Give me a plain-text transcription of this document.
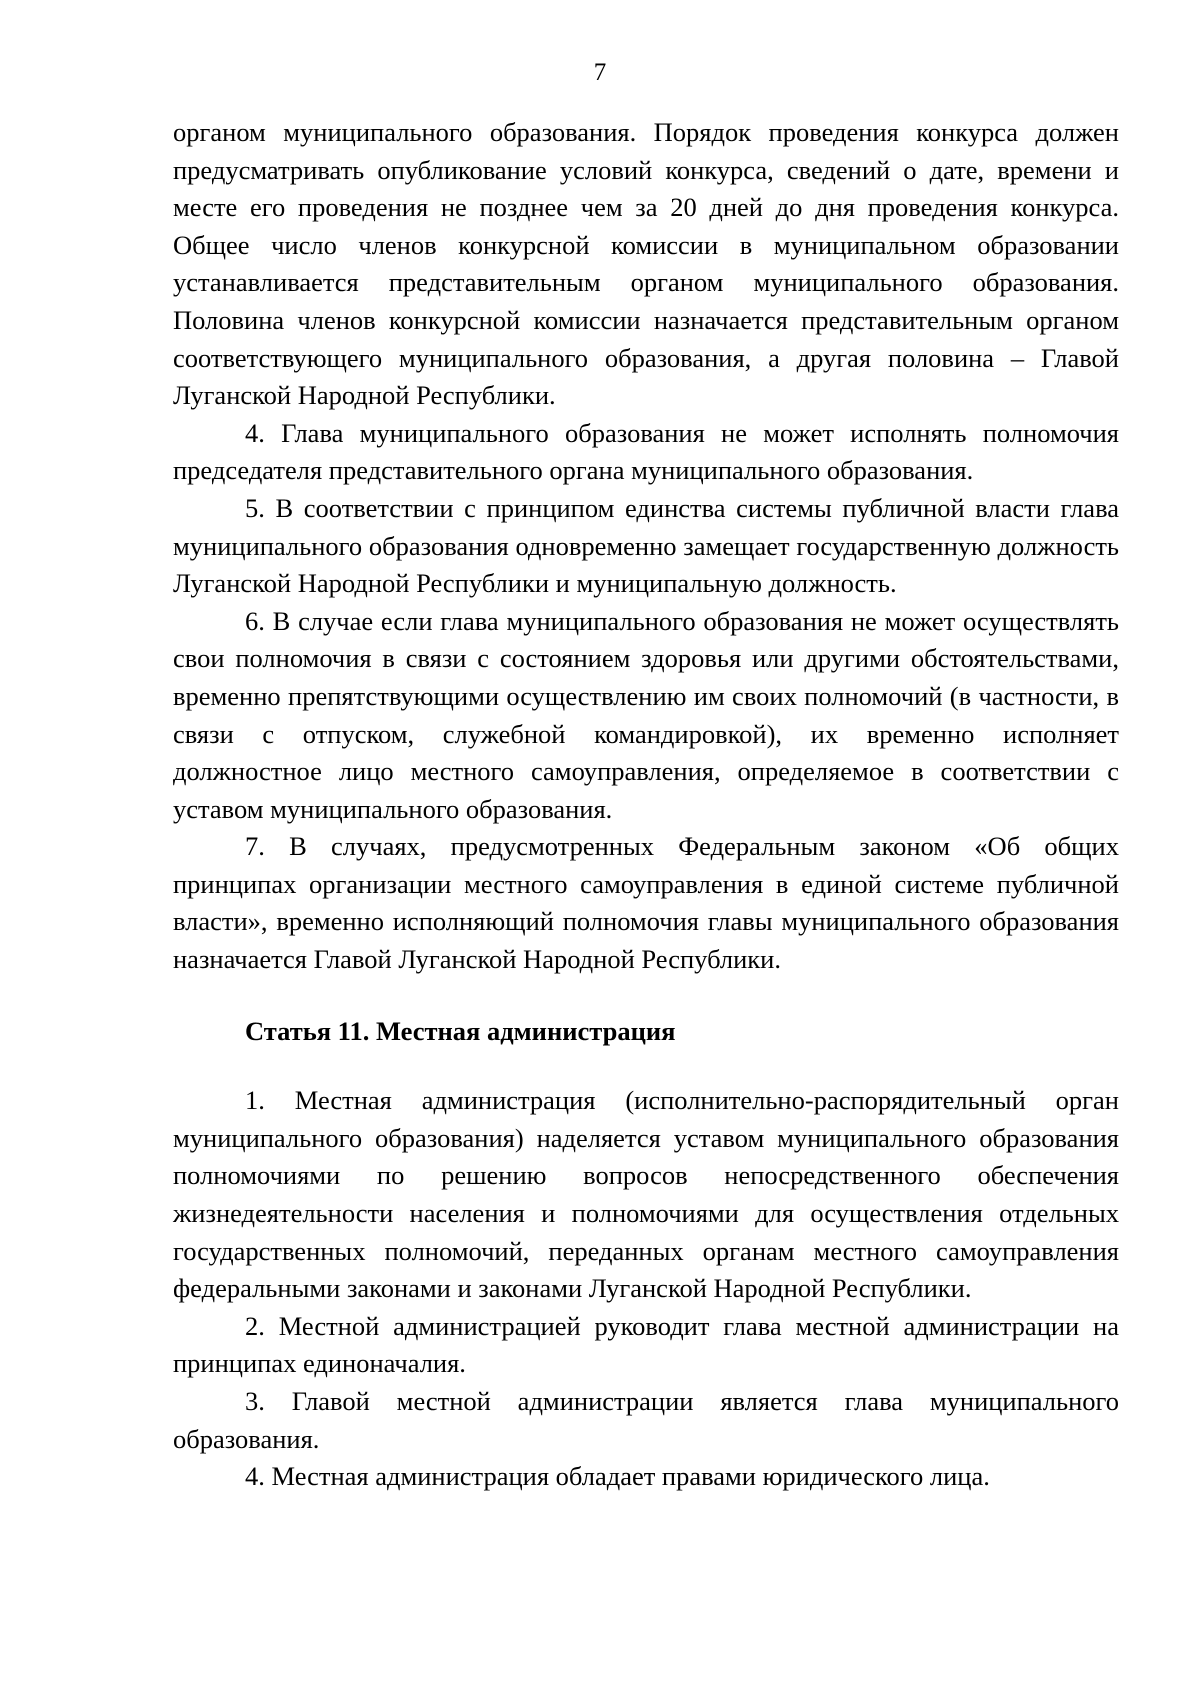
7

органом муниципального образования. Порядок проведения конкурса должен предусматривать опубликование условий конкурса, сведений о дате, времени и месте его проведения не позднее чем за 20 дней до дня проведения конкурса. Общее число членов конкурсной комиссии в муниципальном образовании устанавливается представительным органом муниципального образования. Половина членов конкурсной комиссии назначается представительным органом соответствующего муниципального образования, а другая половина – Главой Луганской Народной Республики.

4. Глава муниципального образования не может исполнять полномочия председателя представительного органа муниципального образования.

5. В соответствии с принципом единства системы публичной власти глава муниципального образования одновременно замещает государственную должность Луганской Народной Республики и муниципальную должность.

6. В случае если глава муниципального образования не может осуществлять свои полномочия в связи с состоянием здоровья или другими обстоятельствами, временно препятствующими осуществлению им своих полномочий (в частности, в связи с отпуском, служебной командировкой), их временно исполняет должностное лицо местного самоуправления, определяемое в соответствии с уставом муниципального образования.

7. В случаях, предусмотренных Федеральным законом «Об общих принципах организации местного самоуправления в единой системе публичной власти», временно исполняющий полномочия главы муниципального образования назначается Главой Луганской Народной Республики.

Статья 11. Местная администрация

1. Местная администрация (исполнительно-распорядительный орган муниципального образования) наделяется уставом муниципального образования полномочиями по решению вопросов непосредственного обеспечения жизнедеятельности населения и полномочиями для осуществления отдельных государственных полномочий, переданных органам местного самоуправления федеральными законами и законами Луганской Народной Республики.

2. Местной администрацией руководит глава местной администрации на принципах единоначалия.

3. Главой местной администрации является глава муниципального образования.

4. Местная администрация обладает правами юридического лица.
